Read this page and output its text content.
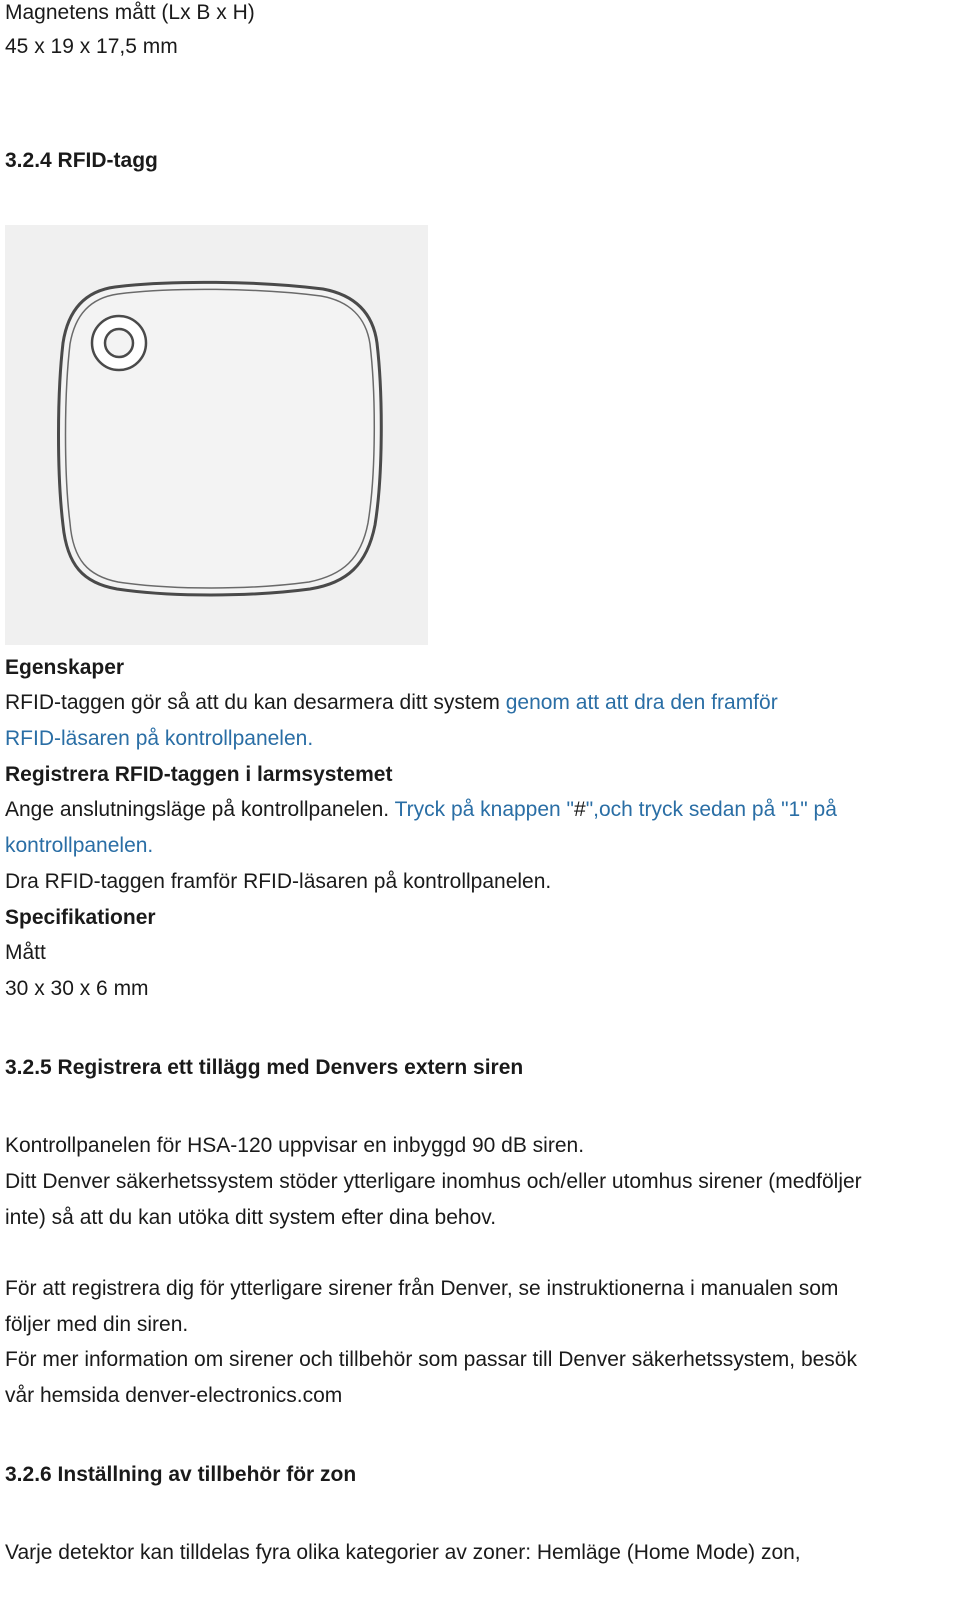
Magnetens mått (Lx B x H)
45 x 19 x 17,5 mm
3.2.4 RFID-tagg
Egenskaper
RFID-taggen gör så att du kan desarmera ditt system genom att att dra den framför
RFID-läsaren på kontrollpanelen.
Registrera RFID-taggen i larmsystemet
Ange anslutningsläge på kontrollpanelen. Tryck på knappen "#",och tryck sedan på "1" på
kontrollpanelen.
Dra RFID-taggen framför RFID-läsaren på kontrollpanelen.
Specifikationer
Mått
30 x 30 x 6 mm
3.2.5 Registrera ett tillägg med Denvers extern siren
Kontrollpanelen för HSA-120 uppvisar en inbyggd 90 dB siren.
Ditt Denver säkerhetssystem stöder ytterligare inomhus och/eller utomhus sirener (medföljer
inte) så att du kan utöka ditt system efter dina behov.
För att registrera dig för ytterligare sirener från Denver, se instruktionerna i manualen som
följer med din siren.
För mer information om sirener och tillbehör som passar till Denver säkerhetssystem, besök
vår hemsida denver-electronics.com
3.2.6 Inställning av tillbehör för zon
Varje detektor kan tilldelas fyra olika kategorier av zoner: Hemläge (Home Mode) zon,
